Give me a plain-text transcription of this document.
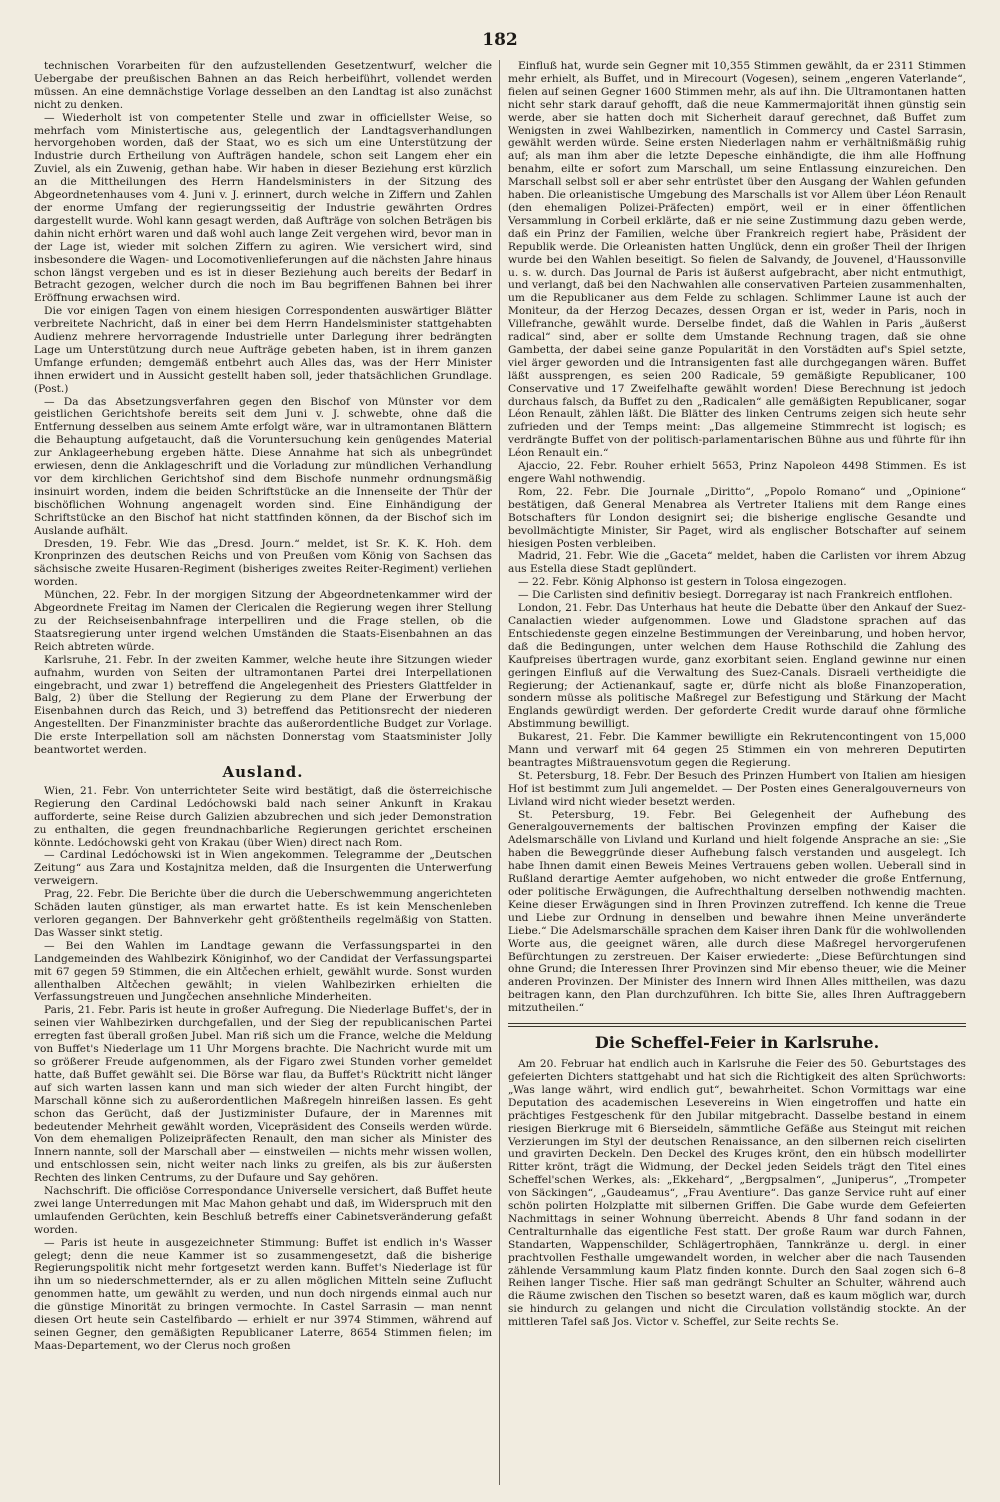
182

technischen Vorarbeiten für den aufzustellenden Gesetzentwurf, welcher die Uebergabe der preußischen Bahnen an das Reich herbeiführt, vollendet werden müssen. An eine demnächstige Vorlage desselben an den Landtag ist also zunächst nicht zu denken.

— Wiederholt ist von competenter Stelle und zwar in officiellster Weise, so mehrfach vom Ministertische aus, gelegentlich der Landtagsverhandlungen hervorgehoben worden, daß der Staat, wo es sich um eine Unterstützung der Industrie durch Ertheilung von Aufträgen handele, schon seit Langem eher ein Zuviel, als ein Zuwenig, gethan habe. Wir haben in dieser Beziehung erst kürzlich an die Mittheilungen des Herrn Handelsministers in der Sitzung des Abgeordnetenhauses vom 4. Juni v. J. erinnert, durch welche in Ziffern und Zahlen der enorme Umfang der regierungsseitig der Industrie gewährten Ordres dargestellt wurde. Wohl kann gesagt werden, daß Aufträge von solchen Beträgen bis dahin nicht erhört waren und daß wohl auch lange Zeit vergehen wird, bevor man in der Lage ist, wieder mit solchen Ziffern zu agiren. Wie versichert wird, sind insbesondere die Wagen- und Locomotivenlieferungen auf die nächsten Jahre hinaus schon längst vergeben und es ist in dieser Beziehung auch bereits der Bedarf in Betracht gezogen, welcher durch die noch im Bau begriffenen Bahnen bei ihrer Eröffnung erwachsen wird.

Die vor einigen Tagen von einem hiesigen Correspondenten auswärtiger Blätter verbreitete Nachricht, daß in einer bei dem Herrn Handelsminister stattgehabten Audienz mehrere hervorragende Industrielle unter Darlegung ihrer bedrängten Lage um Unterstützung durch neue Aufträge gebeten haben, ist in ihrem ganzen Umfange erfunden; demgemäß entbehrt auch Alles das, was der Herr Minister ihnen erwidert und in Aussicht gestellt haben soll, jeder thatsächlichen Grundlage. (Post.)

— Da das Absetzungsverfahren gegen den Bischof von Münster vor dem geistlichen Gerichtshofe bereits seit dem Juni v. J. schwebte, ohne daß die Entfernung desselben aus seinem Amte erfolgt wäre, war in ultramontanen Blättern die Behauptung aufgetaucht, daß die Voruntersuchung kein genügendes Material zur Anklageerhebung ergeben hätte. Diese Annahme hat sich als unbegründet erwiesen, denn die Anklageschrift und die Vorladung zur mündlichen Verhandlung vor dem kirchlichen Gerichtshof sind dem Bischofe nunmehr ordnungsmäßig insinuirt worden, indem die beiden Schriftstücke an die Innenseite der Thür der bischöflichen Wohnung angenagelt worden sind. Eine Einhändigung der Schriftstücke an den Bischof hat nicht stattfinden können, da der Bischof sich im Auslande aufhält.

Dresden, 19. Febr. Wie das „Dresd. Journ.“ meldet, ist Sr. K. K. Hoh. dem Kronprinzen des deutschen Reichs und von Preußen vom König von Sachsen das sächsische zweite Husaren-Regiment (bisheriges zweites Reiter-Regiment) verliehen worden.

München, 22. Febr. In der morgigen Sitzung der Abgeordnetenkammer wird der Abgeordnete Freitag im Namen der Clericalen die Regierung wegen ihrer Stellung zu der Reichseisenbahnfrage interpelliren und die Frage stellen, ob die Staatsregierung unter irgend welchen Umständen die Staats-Eisenbahnen an das Reich abtreten würde.

Karlsruhe, 21. Febr. In der zweiten Kammer, welche heute ihre Sitzungen wieder aufnahm, wurden von Seiten der ultramontanen Partei drei Interpellationen eingebracht, und zwar 1) betreffend die Angelegenheit des Priesters Glattfelder in Balg, 2) über die Stellung der Regierung zu dem Plane der Erwerbung der Eisenbahnen durch das Reich, und 3) betreffend das Petitionsrecht der niederen Angestellten. Der Finanzminister brachte das außerordentliche Budget zur Vorlage. Die erste Interpellation soll am nächsten Donnerstag vom Staatsminister Jolly beantwortet werden.

Ausland.

Wien, 21. Febr. Von unterrichteter Seite wird bestätigt, daß die österreichische Regierung den Cardinal Ledóchowski bald nach seiner Ankunft in Krakau aufforderte, seine Reise durch Galizien abzubrechen und sich jeder Demonstration zu enthalten, die gegen freundnachbarliche Regierungen gerichtet erscheinen könnte. Ledóchowski geht von Krakau (über Wien) direct nach Rom.

— Cardinal Ledóchowski ist in Wien angekommen. Telegramme der „Deutschen Zeitung“ aus Zara und Kostajnitza melden, daß die Insurgenten die Unterwerfung verweigern.

Prag, 22. Febr. Die Berichte über die durch die Ueberschwemmung angerichteten Schäden lauten günstiger, als man erwartet hatte. Es ist kein Menschenleben verloren gegangen. Der Bahnverkehr geht größtentheils regelmäßig von Statten. Das Wasser sinkt stetig.

— Bei den Wahlen im Landtage gewann die Verfassungspartei in den Landgemeinden des Wahlbezirk Königinhof, wo der Candidat der Verfassungspartei mit 67 gegen 59 Stimmen, die ein Altčechen erhielt, gewählt wurde. Sonst wurden allenthalben Altčechen gewählt; in vielen Wahlbezirken erhielten die Verfassungstreuen und Jungčechen ansehnliche Minderheiten.

Paris, 21. Febr. Paris ist heute in großer Aufregung. Die Niederlage Buffet's, der in seinen vier Wahlbezirken durchgefallen, und der Sieg der republicanischen Partei erregten fast überall großen Jubel. Man riß sich um die France, welche die Meldung von Buffet's Niederlage um 11 Uhr Morgens brachte. Die Nachricht wurde mit um so größerer Freude aufgenommen, als der Figaro zwei Stunden vorher gemeldet hatte, daß Buffet gewählt sei. Die Börse war flau, da Buffet's Rücktritt nicht länger auf sich warten lassen kann und man sich wieder der alten Furcht hingibt, der Marschall könne sich zu außerordentlichen Maßregeln hinreißen lassen. Es geht schon das Gerücht, daß der Justizminister Dufaure, der in Marennes mit bedeutender Mehrheit gewählt worden, Vicepräsident des Conseils werden würde. Von dem ehemaligen Polizeipräfecten Renault, den man sicher als Minister des Innern nannte, soll der Marschall aber — einstweilen — nichts mehr wissen wollen, und entschlossen sein, nicht weiter nach links zu greifen, als bis zur äußersten Rechten des linken Centrums, zu der Dufaure und Say gehören.

Nachschrift. Die officiöse Correspondance Universelle versichert, daß Buffet heute zwei lange Unterredungen mit Mac Mahon gehabt und daß, im Widerspruch mit den umlaufenden Gerüchten, kein Beschluß betreffs einer Cabinetsveränderung gefaßt worden.

— Paris ist heute in ausgezeichneter Stimmung: Buffet ist endlich in's Wasser gelegt; denn die neue Kammer ist so zusammengesetzt, daß die bisherige Regierungspolitik nicht mehr fortgesetzt werden kann. Buffet's Niederlage ist für ihn um so niederschmetternder, als er zu allen möglichen Mitteln seine Zuflucht genommen hatte, um gewählt zu werden, und nun doch nirgends einmal auch nur die günstige Minorität zu bringen vermochte. In Castel Sarrasin — man nennt diesen Ort heute sein Castelfibardo — erhielt er nur 3974 Stimmen, während auf seinen Gegner, den gemäßigten Republicaner Laterre, 8654 Stimmen fielen; im Maas-Departement, wo der Clerus noch großen

Einfluß hat, wurde sein Gegner mit 10,355 Stimmen gewählt, da er 2311 Stimmen mehr erhielt, als Buffet, und in Mirecourt (Vogesen), seinem „engeren Vaterlande“, fielen auf seinen Gegner 1600 Stimmen mehr, als auf ihn. Die Ultramontanen hatten nicht sehr stark darauf gehofft, daß die neue Kammermajorität ihnen günstig sein werde, aber sie hatten doch mit Sicherheit darauf gerechnet, daß Buffet zum Wenigsten in zwei Wahlbezirken, namentlich in Commercy und Castel Sarrasin, gewählt werden würde. Seine ersten Niederlagen nahm er verhältnißmäßig ruhig auf; als man ihm aber die letzte Depesche einhändigte, die ihm alle Hoffnung benahm, eilte er sofort zum Marschall, um seine Entlassung einzureichen. Den Marschall selbst soll er aber sehr entrüstet über den Ausgang der Wahlen gefunden haben. Die orleanistische Umgebung des Marschalls ist vor Allem über Léon Renault (den ehemaligen Polizei-Präfecten) empört, weil er in einer öffentlichen Versammlung in Corbeil erklärte, daß er nie seine Zustimmung dazu geben werde, daß ein Prinz der Familien, welche über Frankreich regiert habe, Präsident der Republik werde. Die Orleanisten hatten Unglück, denn ein großer Theil der Ihrigen wurde bei den Wahlen beseitigt. So fielen de Salvandy, de Jouvenel, d'Haussonville u. s. w. durch. Das Journal de Paris ist äußerst aufgebracht, aber nicht entmuthigt, und verlangt, daß bei den Nachwahlen alle conservativen Parteien zusammenhalten, um die Republicaner aus dem Felde zu schlagen. Schlimmer Laune ist auch der Moniteur, da der Herzog Decazes, dessen Organ er ist, weder in Paris, noch in Villefranche, gewählt wurde. Derselbe findet, daß die Wahlen in Paris „äußerst radical“ sind, aber er sollte dem Umstande Rechnung tragen, daß sie ohne Gambetta, der dabei seine ganze Popularität in den Vorstädten auf's Spiel setzte, viel ärger geworden und die Intransigenten fast alle durchgegangen wären. Buffet läßt aussprengen, es seien 200 Radicale, 59 gemäßigte Republicaner, 100 Conservative und 17 Zweifelhafte gewählt worden! Diese Berechnung ist jedoch durchaus falsch, da Buffet zu den „Radicalen“ alle gemäßigten Republicaner, sogar Léon Renault, zählen läßt. Die Blätter des linken Centrums zeigen sich heute sehr zufrieden und der Temps meint: „Das allgemeine Stimmrecht ist logisch; es verdrängte Buffet von der politisch-parlamentarischen Bühne aus und führte für ihn Léon Renault ein.“

Ajaccio, 22. Febr. Rouher erhielt 5653, Prinz Napoleon 4498 Stimmen. Es ist engere Wahl nothwendig.

Rom, 22. Febr. Die Journale „Diritto“, „Popolo Romano“ und „Opinione“ bestätigen, daß General Menabrea als Vertreter Italiens mit dem Range eines Botschafters für London designirt sei; die bisherige englische Gesandte und bevollmächtigte Minister, Sir Paget, wird als englischer Botschafter auf seinem hiesigen Posten verbleiben.

Madrid, 21. Febr. Wie die „Gaceta“ meldet, haben die Carlisten vor ihrem Abzug aus Estella diese Stadt geplündert.

— 22. Febr. König Alphonso ist gestern in Tolosa eingezogen.

— Die Carlisten sind definitiv besiegt. Dorregaray ist nach Frankreich entflohen.

London, 21. Febr. Das Unterhaus hat heute die Debatte über den Ankauf der Suez-Canalactien wieder aufgenommen. Lowe und Gladstone sprachen auf das Entschiedenste gegen einzelne Bestimmungen der Vereinbarung, und hoben hervor, daß die Bedingungen, unter welchen dem Hause Rothschild die Zahlung des Kaufpreises übertragen wurde, ganz exorbitant seien. England gewinne nur einen geringen Einfluß auf die Verwaltung des Suez-Canals. Disraeli vertheidigte die Regierung; der Actienankauf, sagte er, dürfe nicht als bloße Finanzoperation, sondern müsse als politische Maßregel zur Befestigung und Stärkung der Macht Englands gewürdigt werden. Der geforderte Credit wurde darauf ohne förmliche Abstimmung bewilligt.

Bukarest, 21. Febr. Die Kammer bewilligte ein Rekrutencontingent von 15,000 Mann und verwarf mit 64 gegen 25 Stimmen ein von mehreren Deputirten beantragtes Mißtrauensvotum gegen die Regierung.

St. Petersburg, 18. Febr. Der Besuch des Prinzen Humbert von Italien am hiesigen Hof ist bestimmt zum Juli angemeldet. — Der Posten eines Generalgouverneurs von Livland wird nicht wieder besetzt werden.

St. Petersburg, 19. Febr. Bei Gelegenheit der Aufhebung des Generalgouvernements der baltischen Provinzen empfing der Kaiser die Adelsmarschälle von Livland und Kurland und hielt folgende Ansprache an sie: „Sie haben die Beweggründe dieser Aufhebung falsch verstanden und ausgelegt. Ich habe Ihnen damit einen Beweis Meines Vertrauens geben wollen. Ueberall sind in Rußland derartige Aemter aufgehoben, wo nicht entweder die große Entfernung, oder politische Erwägungen, die Aufrechthaltung derselben nothwendig machten. Keine dieser Erwägungen sind in Ihren Provinzen zutreffend. Ich kenne die Treue und Liebe zur Ordnung in denselben und bewahre ihnen Meine unveränderte Liebe.“ Die Adelsmarschälle sprachen dem Kaiser ihren Dank für die wohlwollenden Worte aus, die geeignet wären, alle durch diese Maßregel hervorgerufenen Befürchtungen zu zerstreuen. Der Kaiser erwiederte: „Diese Befürchtungen sind ohne Grund; die Interessen Ihrer Provinzen sind Mir ebenso theuer, wie die Meiner anderen Provinzen. Der Minister des Innern wird Ihnen Alles mittheilen, was dazu beitragen kann, den Plan durchzuführen. Ich bitte Sie, alles Ihren Auftraggebern mitzutheilen.“

Die Scheffel-Feier in Karlsruhe.

Am 20. Februar hat endlich auch in Karlsruhe die Feier des 50. Geburtstages des gefeierten Dichters stattgehabt und hat sich die Richtigkeit des alten Sprüchworts: „Was lange währt, wird endlich gut“, bewahrheitet. Schon Vormittags war eine Deputation des academischen Lesevereins in Wien eingetroffen und hatte ein prächtiges Festgeschenk für den Jubilar mitgebracht. Dasselbe bestand in einem riesigen Bierkruge mit 6 Bierseideln, sämmtliche Gefäße aus Steingut mit reichen Verzierungen im Styl der deutschen Renaissance, an den silbernen reich ciselirten und gravirten Deckeln. Den Deckel des Kruges krönt, den ein hübsch modellirter Ritter krönt, trägt die Widmung, der Deckel jeden Seidels trägt den Titel eines Scheffel'schen Werkes, als: „Ekkehard“, „Bergpsalmen“, „Juniperus“, „Trompeter von Säckingen“, „Gaudeamus“, „Frau Aventiure“. Das ganze Service ruht auf einer schön polirten Holzplatte mit silbernen Griffen. Die Gabe wurde dem Gefeierten Nachmittags in seiner Wohnung überreicht. Abends 8 Uhr fand sodann in der Centralturnhalle das eigentliche Fest statt. Der große Raum war durch Fahnen, Standarten, Wappenschilder, Schlägertrophäen, Tannkränze u. dergl. in einer prachtvollen Festhalle umgewandelt worden, in welcher aber die nach Tausenden zählende Versammlung kaum Platz finden konnte. Durch den Saal zogen sich 6–8 Reihen langer Tische. Hier saß man gedrängt Schulter an Schulter, während auch die Räume zwischen den Tischen so besetzt waren, daß es kaum möglich war, durch sie hindurch zu gelangen und nicht die Circulation vollständig stockte. An der mittleren Tafel saß Jos. Victor v. Scheffel, zur Seite rechts Se.
